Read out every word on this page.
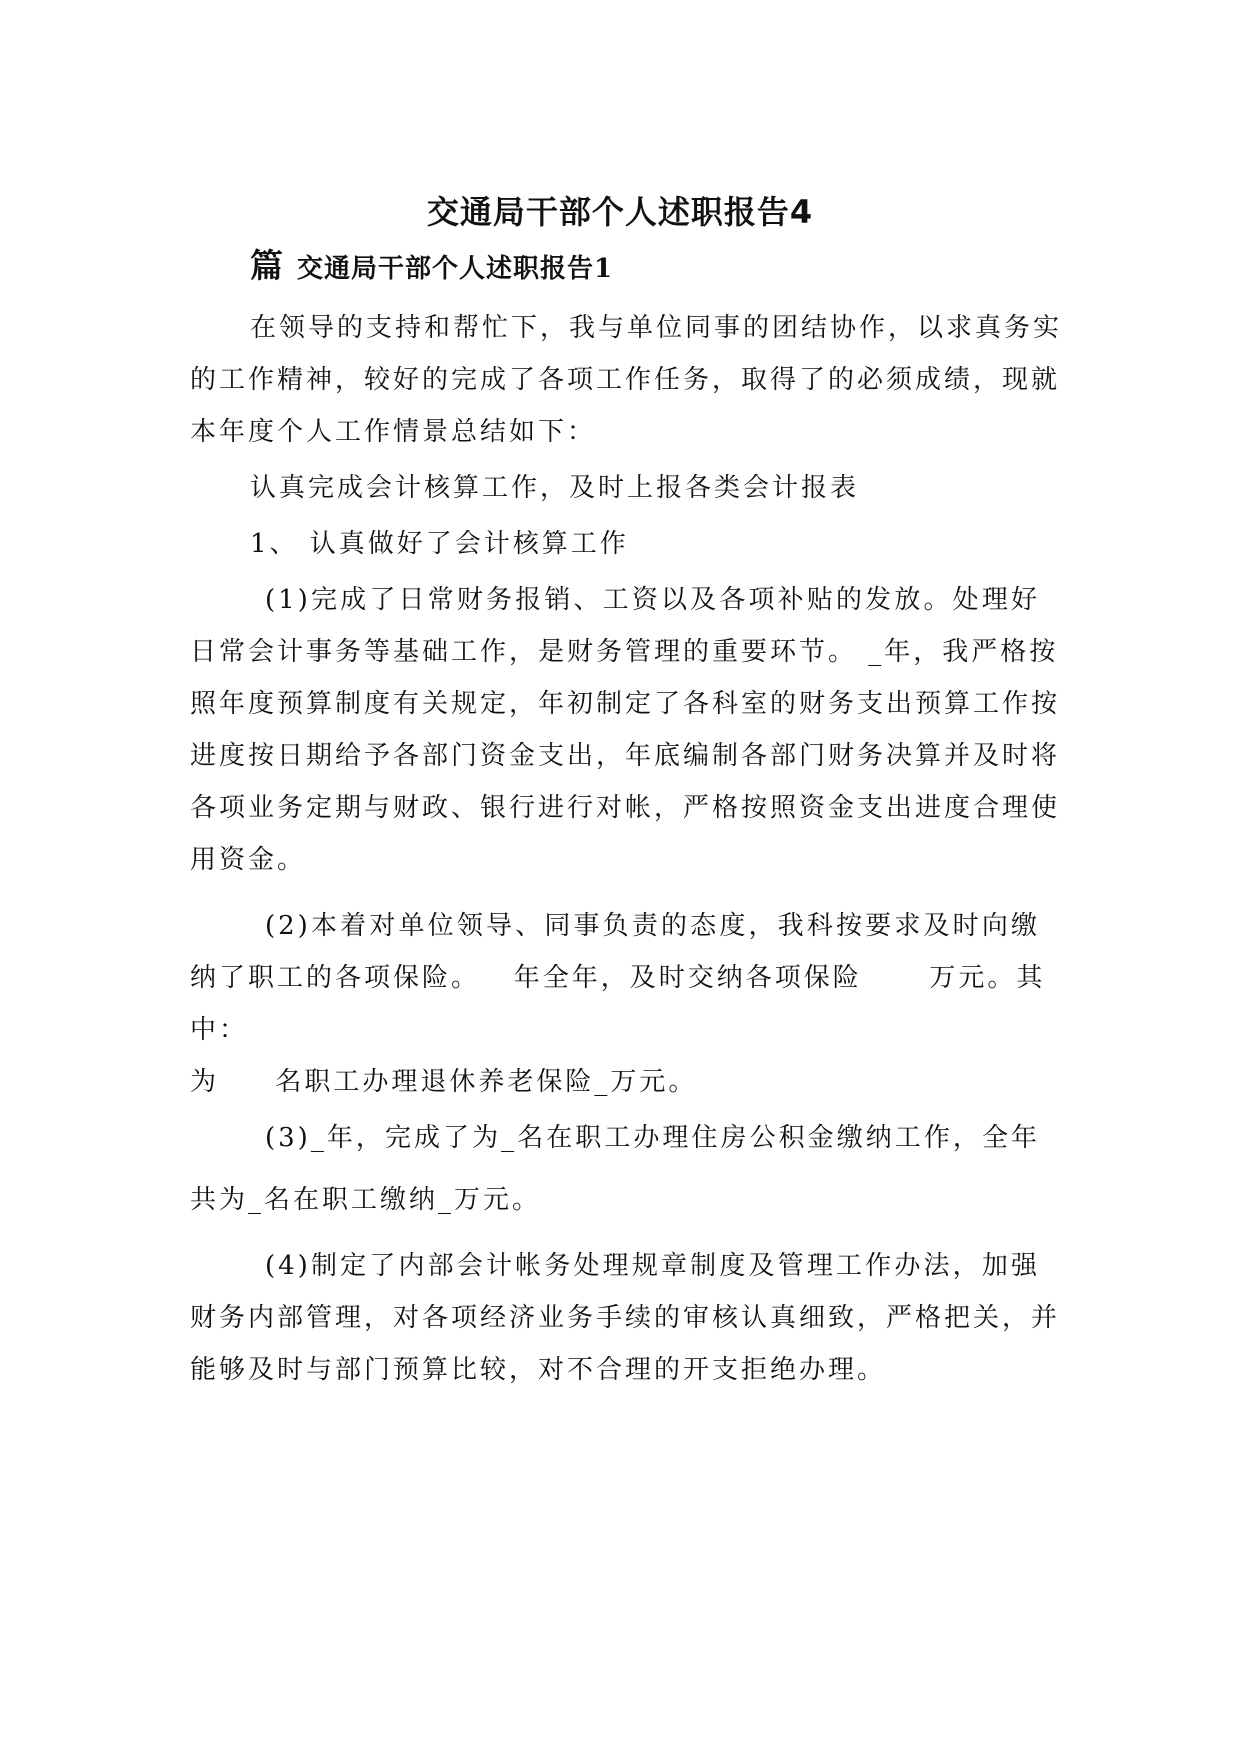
交通局干部个人述职报告4
篇 交通局干部个人述职报告1
在领导的支持和帮忙下，我与单位同事的团结协作，以求真务实
的工作精神，较好的完成了各项工作任务，取得了的必须成绩，现就
本年度个人工作情景总结如下：
认真完成会计核算工作，及时上报各类会计报表
1、 认真做好了会计核算工作
(1)完成了日常财务报销、工资以及各项补贴的发放。处理好
日常会计事务等基础工作，是财务管理的重要环节。 _年，我严格按
照年度预算制度有关规定，年初制定了各科室的财务支出预算工作按
进度按日期给予各部门资金支出，年底编制各部门财务决算并及时将
各项业务定期与财政、银行进行对帐，严格按照资金支出进度合理使
用资金。
(2)本着对单位领导、同事负责的态度，我科按要求及时向缴
纳了职工的各项保险。   年全年，及时交纳各项保险      万元。其
中：
为     名职工办理退休养老保险_万元。
(3)_年，完成了为_名在职工办理住房公积金缴纳工作，全年
共为_名在职工缴纳_万元。
(4)制定了内部会计帐务处理规章制度及管理工作办法，加强
财务内部管理，对各项经济业务手续的审核认真细致，严格把关，并
能够及时与部门预算比较，对不合理的开支拒绝办理。
